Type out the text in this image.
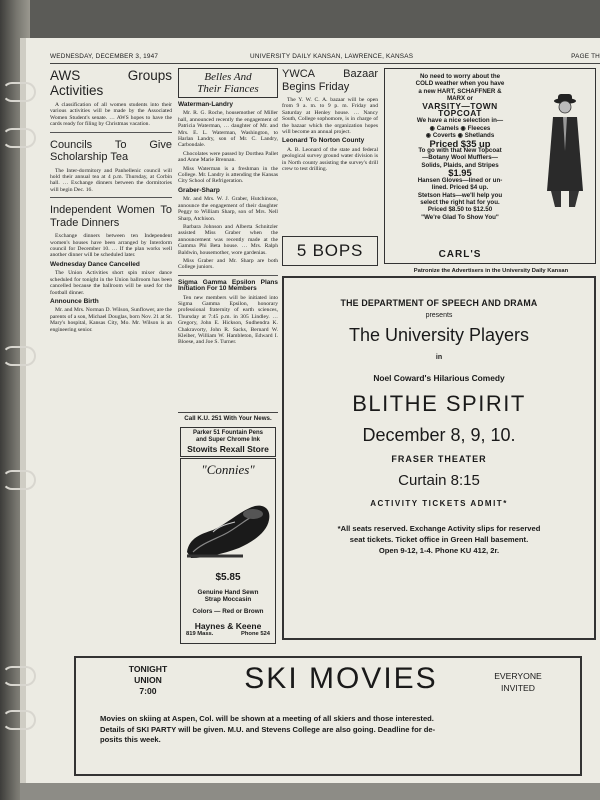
WEDNESDAY, DECEMBER 3, 1947	UNIVERSITY DAILY KANSAN, LAWRENCE, KANSAS	PAGE TH
AWS Groups Activities

A classification of all women students into their various activities will be made by the Associated Women Student's senate. … AWS hopes to have the cards ready for filing by Christmas vacation.

Councils To Give Scholarship Tea

The Inter-dormitory and Panhellenic council will hold their annual tea at 4 p.m. Thursday, at Corbin hall. … Exchange dinners between the dormitories will begin Dec. 16.

Independent Women To Trade Dinners

Exchange dinners between ten Independent women's houses have been arranged by Interdorm council for December 10. … If the plan works well another dinner will be scheduled later.

Wednesday Dance Cancelled

The Union Activities short spin mixer dance scheduled for tonight in the Union ballroom has been cancelled because the ballroom will be used for the football dinner.

Announce Birth

Mr. and Mrs. Norman D. Wilson, Sunflower, are the parents of a son, Michael Douglas, born Nov. 21 at St. Mary's hospital, Kansas City, Mo. Mr. Wilson is an engineering senior.

Belles And
Their Fiances
Waterman-Landry

Mr. R. G. Roche, housemother of Miller hall, announced recently the engagement of Patricia Waterman, … daughter of Mr. and Mrs. E. L. Waterman, Washington, to Harlan Landry, son of Mr. C. Landry, Carbondale.

Chocolates were passed by Dorthea Pallet and Anne Marie Brennan.

Miss Waterman is a freshman in the College. Mr. Landry is attending the Kansas City School of Refrigeration.

Graber-Sharp

Mr. and Mrs. W. J. Graber, Hutchinson, announce the engagement of their daughter Peggy to William Sharp, son of Mrs. Nell Sharp, Atchison.

Barbara Johnson and Alberta Schnitzler assisted Miss Graber when the announcement was recently made at the Gamma Phi Beta house. … Mrs. Ralph Baldwin, housemother, wore gardenias.

Miss Graber and Mr. Sharp are both College juniors.

Sigma Gamma Epsilon Plans Initiation For 10 Members

Ten new members will be initiated into Sigma Gamma Epsilon, honorary professional fraternity of earth sciences, Thursday at 7:45 p.m. in 305 Lindley. … Gregory, John E. Hickson, Sudhendra K. Chakravorty, John R. Sacks, Bernard W. Kleiber, William W. Hambleton, Edward I. Bloese, and Joe S. Turner.

Call K.U. 251 With Your News.
Parker 51 Fountain Pens
and Super Chrome Ink
Stowits Rexall Store
"Connies"
$5.85
Genuine Hand Sewn
Strap Moccasin
Colors — Red or Brown
Haynes & Keene
819 Mass.	Phone 524
YWCA Bazaar Begins Friday

The Y. W. C. A. bazaar will be open from 9 a. m. to 9 p. m. Friday and Saturday at Henley house. … Nancy South, College sophomore, is in charge of the bazaar which the organization hopes will become an annual project.

Leonard To Norton County

A. B. Leonard of the state and federal geological survey ground water division is in North county assisting the survey's drill crew to test drilling.

5 BOPS
No need to worry about the
COLD weather when you have
a new HART, SCHAFFNER &
MARX or
VARSITY—TOWN
TOPCOAT
We have a nice selection in—
◉ Camels ◉ Fleeces
◉ Coverts ◉ Shetlands
Priced $35 up
To go with that New Topcoat
—Botany Wool Mufflers—
Solids, Plaids, and Stripes
$1.95
Hansen Gloves—lined or un-
lined. Priced $4 up.
Stetson Hats—we'll help you
select the right hat for you.
Priced $8.50 to $12.50
"We're Glad To Show You"
CARL'S
Patronize the Advertisers in the University Daily Kansan
THE DEPARTMENT OF SPEECH AND DRAMA
presents
The University Players
in
Noel Coward's Hilarious Comedy
BLITHE SPIRIT
December 8, 9, 10.
FRASER THEATER
Curtain 8:15
ACTIVITY TICKETS ADMIT*
*All seats reserved. Exchange Activity slips for reserved
seat tickets. Ticket office in Green Hall basement.
Open 9-12, 1-4. Phone KU 412, 2r.
TONIGHT
UNION
7:00	SKI MOVIES	EVERYONE
INVITED
Movies on skiing at Aspen, Col. will be shown at a meeting of all skiers and those interested.
Details of SKI PARTY will be given. M.U. and Stevens College are also going. Deadline for de-
posits this week.
